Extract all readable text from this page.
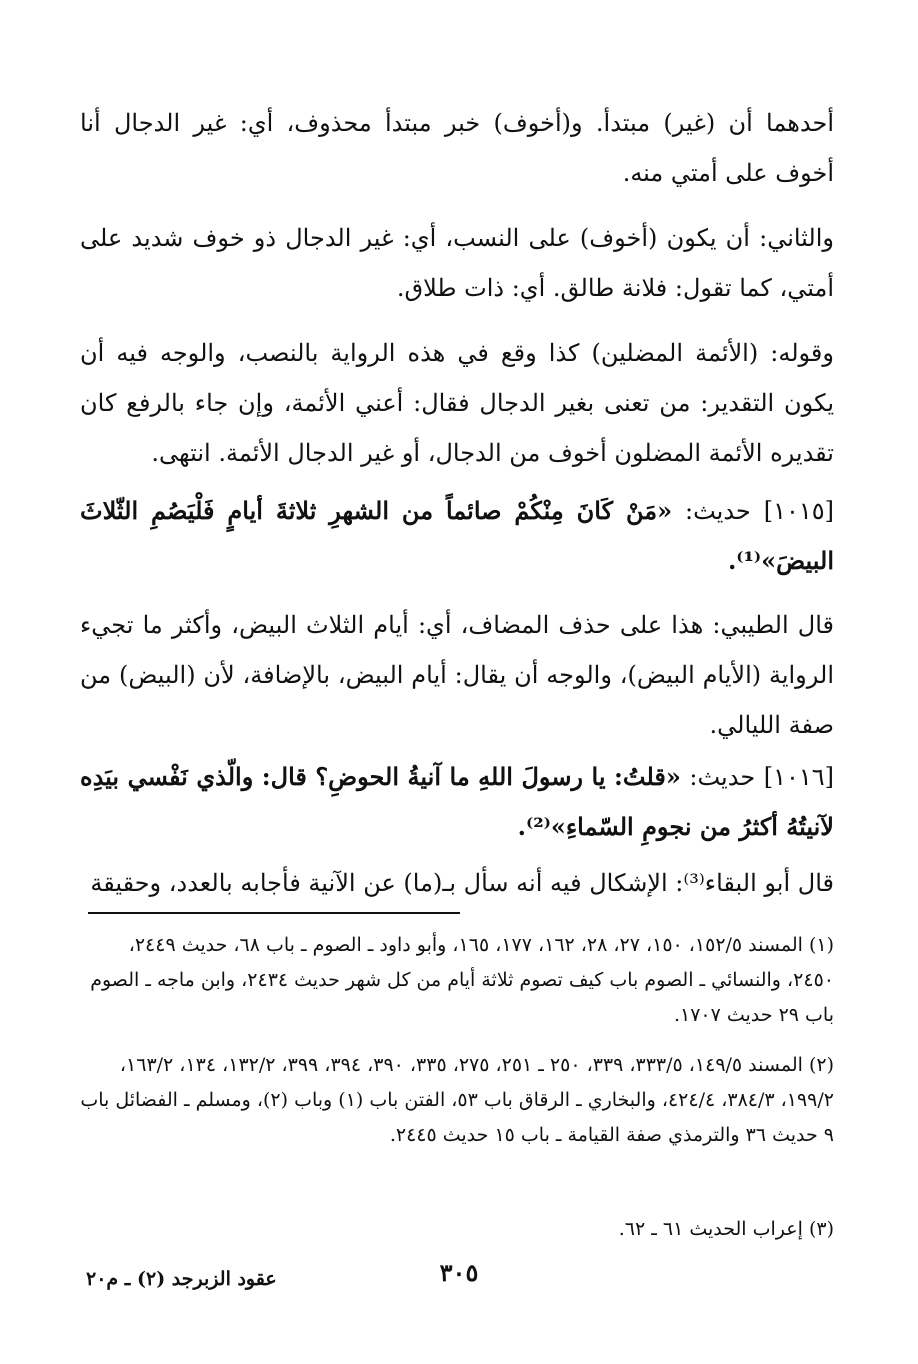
أحدهما أن (غير) مبتدأ. و(أخوف) خبر مبتدأ محذوف، أي: غير الدجال أنا أخوف على أمتي منه.

والثاني: أن يكون (أخوف) على النسب، أي: غير الدجال ذو خوف شديد على أمتي، كما تقول: فلانة طالق. أي: ذات طلاق.

وقوله: (الأئمة المضلين) كذا وقع في هذه الرواية بالنصب، والوجه فيه أن يكون التقدير: من تعنى بغير الدجال فقال: أعني الأئمة، وإن جاء بالرفع كان تقديره الأئمة المضلون أخوف من الدجال، أو غير الدجال الأئمة. انتهى.

[١٠١٥] حديث: «مَنْ كَانَ مِنْكُمْ صائماً من الشهرِ ثلاثةَ أيامٍ فَلْيَصُمِ الثّلاثَ البيضَ»⁽¹⁾.

قال الطيبي: هذا على حذف المضاف، أي: أيام الثلاث البيض، وأكثر ما تجيء الرواية (الأيام البيض)، والوجه أن يقال: أيام البيض، بالإضافة، لأن (البيض) من صفة الليالي.

[١٠١٦] حديث: «قلتُ: يا رسولَ اللهِ ما آنيةُ الحوضِ؟ قال: والّذي نَفْسي بيَدِه لآنيتُهُ أكثرُ من نجومِ السّماءِ»⁽²⁾.

قال أبو البقاء⁽³⁾: الإشكال فيه أنه سأل بـ(ما) عن الآنية فأجابه بالعدد، وحقيقة

(١) المسند ١٥٢/٥، ١٥٠، ٢٧، ٢٨، ١٦٢، ١٧٧، ١٦٥، وأبو داود ـ الصوم ـ باب ٦٨، حديث ٢٤٤٩، ٢٤٥٠، والنسائي ـ الصوم باب كيف تصوم ثلاثة أيام من كل شهر حديث ٢٤٣٤، وابن ماجه ـ الصوم باب ٢٩ حديث ١٧٠٧.
(٢) المسند ١٤٩/٥، ٣٣٣/٥، ٣٣٩، ٢٥٠ ـ ٢٥١، ٢٧٥، ٣٣٥، ٣٩٠، ٣٩٤، ٣٩٩، ١٣٢/٢، ١٣٤، ١٦٣/٢، ١٩٩/٢، ٣٨٤/٣، ٤٢٤/٤، والبخاري ـ الرقاق باب ٥٣، الفتن باب (١) وباب (٢)، ومسلم ـ الفضائل باب ٩ حديث ٣٦ والترمذي صفة القيامة ـ باب ١٥ حديث ٢٤٤٥.
(٣) إعراب الحديث ٦١ ـ ٦٢.
٣٠٥
عقود الزبرجد (٢) ـ م٢٠
